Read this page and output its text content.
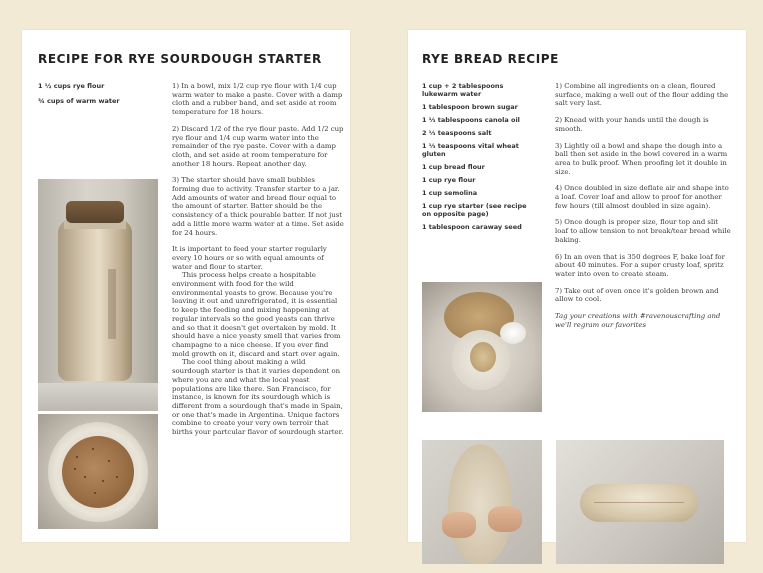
RECIPE FOR RYE SOURDOUGH STARTER
1 ½ cups rye flour
¾ cups of warm water

1) In a bowl, mix 1/2 cup rye flour with 1/4 cup warm water to make a paste. Cover with a damp cloth and a rubber band, and set aside at room temperature for 18 hours.

2) Discard 1/2 of the rye flour paste. Add 1/2 cup rye flour and 1/4 cup warm water into the remainder of the rye paste. Cover with a damp cloth, and set aside at room temperature for another 18 hours. Repeat another day.

3) The starter should have small bubbles forming due to activity. Transfer starter to a jar. Add amounts of water and bread flour equal to the amount of starter. Batter should be the consistency of a thick pourable batter. If not just add a little more warm water at a time. Set aside for 24 hours.

It is important to feed your starter regularly every 10 hours or so with equal amounts of water and flour to starter.

This process helps create a hospitable environment with food for the wild environmental yeasts to grow. Because you're leaving it out and unrefrigerated, it is essential to keep the feeding and mixing happening at regular intervals so the good yeasts can thrive and so that it doesn't get overtaken by mold. It should have a nice yeasty smell that varies from champagne to a nice cheese. If you ever find mold growth on it, discard and start over again.

The cool thing about making a wild sourdough starter is that it varies dependent on where you are and what the local yeast populations are like there. San Francisco, for instance, is known for its sourdough which is different from a sourdough that's made in Spain, or one that's made in Argentina. Unique factors combine to create your very own terroir that births your partcular flavor of sourdough starter.

RYE BREAD RECIPE
1 cup + 2 tablespoons lukewarm water
1 tablespoon brown sugar
1 ⅓ tablespoons canola oil
2 ⅓ teaspoons salt
1 ⅓ teaspoons vital wheat gluten
1 cup bread flour
1 cup rye flour
1 cup semolina
1 cup rye starter (see recipe on opposite page)
1 tablespoon caraway seed

1) Combine all ingredients on a clean, floured surface, making a well out of the flour adding the salt very last.

2) Knead with your hands until the dough is smooth.

3) Lightly oil a bowl and shape the dough into a ball then set aside in the bowl covered in a warm area to bulk proof. When proofing let it double in size.

4) Once doubled in size deflate air and shape into a loaf. Cover loaf and allow to proof for another few hours (till almost doubled in size again).

5) Once dough is proper size, flour top and slit loaf to allow tension to not break/tear bread while baking.

6) In an oven that is 350 degrees F, bake loaf for about 40 minutes. For a super crusty loaf, spritz water into oven to create steam.

7) Take out of oven once it's golden brown and allow to cool.

Tag your creations with #ravenouscrafting and we'll regram our favorites
